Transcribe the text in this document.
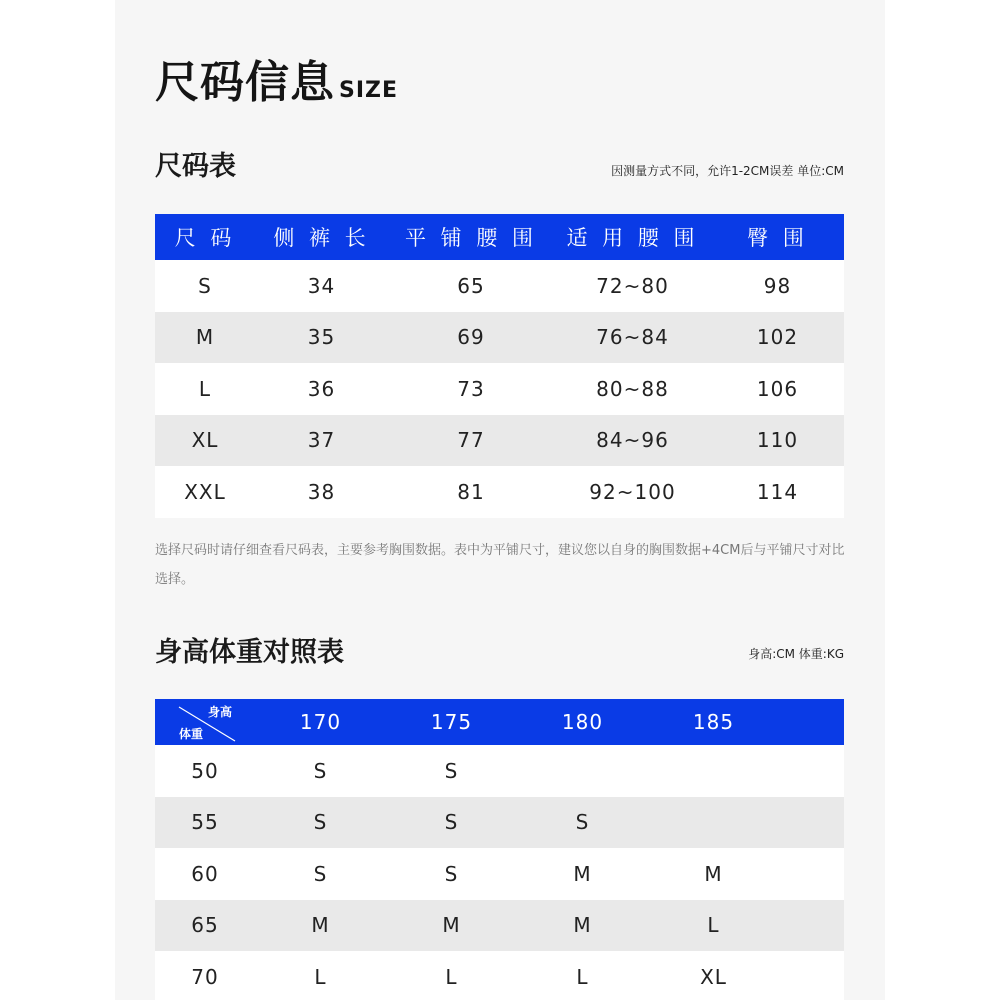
尺码信息 SIZE
尺码表	因测量方式不同，允许1-2CM误差 单位:CM
尺 码	侧 裤 长	平 铺 腰 围	适 用 腰 围	臀 围
S	34	65	72~80	98
M	35	69	76~84	102
L	36	73	80~88	106
XL	37	77	84~96	110
XXL	38	81	92~100	114
选择尺码时请仔细查看尺码表，主要参考胸围数据。表中为平铺尺寸，建议您以自身的胸围数据+4CM后与平铺尺寸对比选择。
身高体重对照表	身高:CM 体重:KG
身高
体重	170	175	180	185	
50	S	S			
55	S	S	S		
60	S	S	M	M	
65	M	M	M	L	
70	L	L	L	XL	
